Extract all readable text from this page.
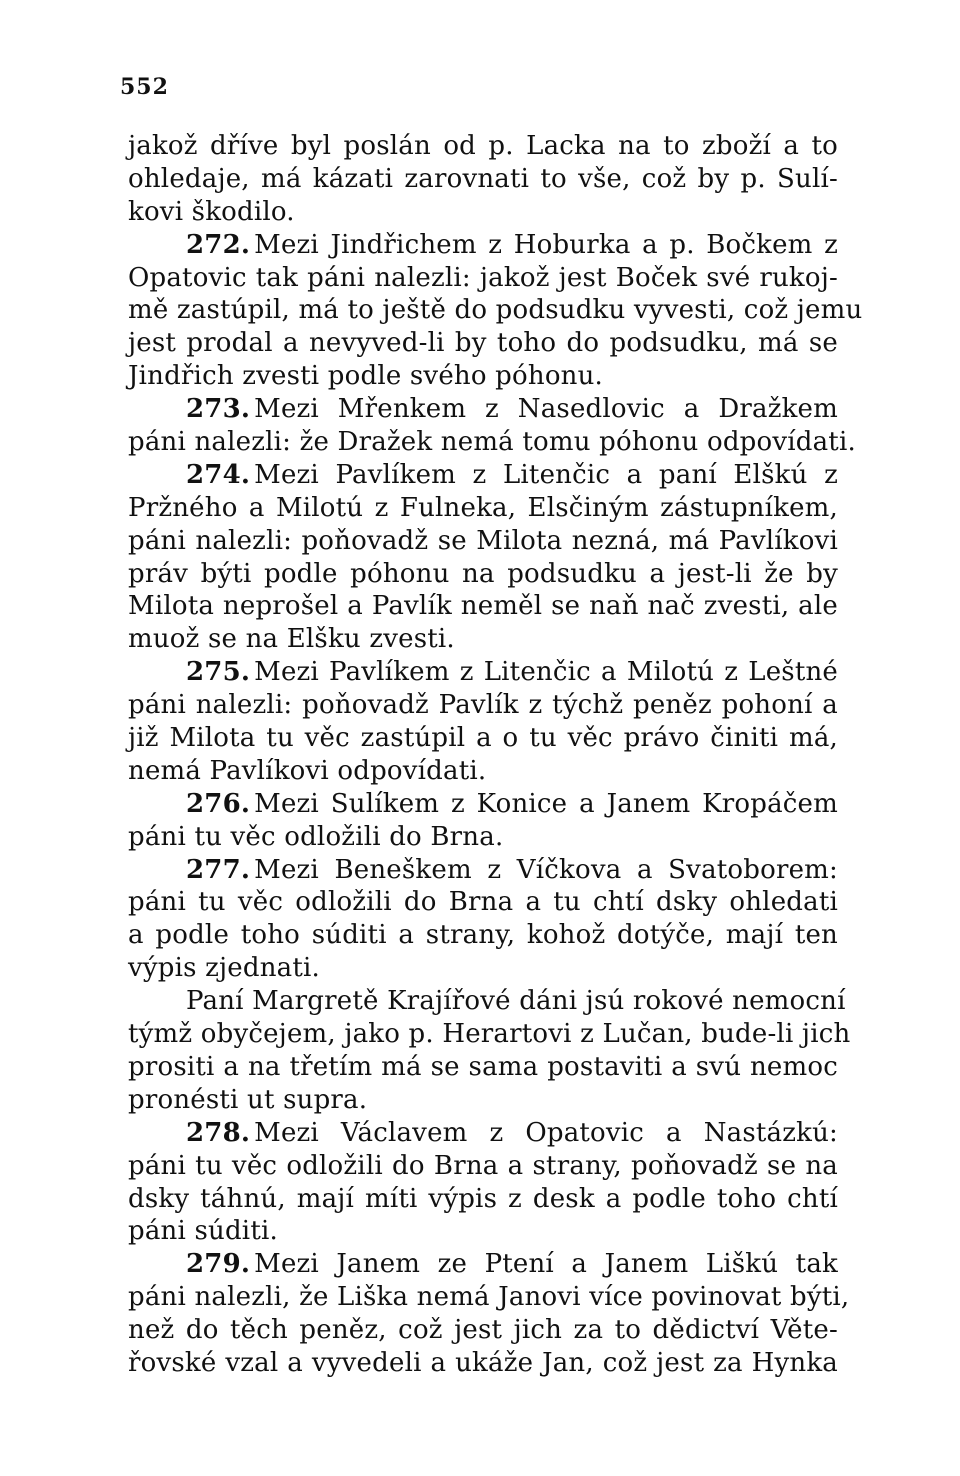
552
jakož dříve byl poslán od p. Lacka na to zboží a to
ohledaje, má kázati zarovnati to vše, což by p. Sulí-
kovi škodilo.
272. Mezi Jindřichem z Hoburka a p. Bočkem z
Opatovic tak páni nalezli: jakož jest Boček své rukoj-
mě zastúpil, má to ještě do podsudku vyvesti, což jemu
jest prodal a nevyved-li by toho do podsudku, má se
Jindřich zvesti podle svého póhonu.
273. Mezi Mřenkem z Nasedlovic a Dražkem
páni nalezli: že Dražek nemá tomu póhonu odpovídati.
274. Mezi Pavlíkem z Litenčic a paní Elškú z
Pržného a Milotú z Fulneka, Elsčiným zástupníkem,
páni nalezli: poňovadž se Milota nezná, má Pavlíkovi
práv býti podle póhonu na podsudku a jest-li že by
Milota neprošel a Pavlík neměl se naň nač zvesti, ale
muož se na Elšku zvesti.
275. Mezi Pavlíkem z Litenčic a Milotú z Leštné
páni nalezli: poňovadž Pavlík z týchž peněz pohoní a
již Milota tu věc zastúpil a o tu věc právo činiti má,
nemá Pavlíkovi odpovídati.
276. Mezi Sulíkem z Konice a Janem Kropáčem
páni tu věc odložili do Brna.
277. Mezi Beneškem z Víčkova a Svatoborem:
páni tu věc odložili do Brna a tu chtí dsky ohledati
a podle toho súditi a strany, kohož dotýče, mají ten
výpis zjednati.
Paní Margretě Krajířové dáni jsú rokové nemocní
týmž obyčejem, jako p. Herartovi z Lučan, bude-li jich
prositi a na třetím má se sama postaviti a svú nemoc
pronésti ut supra.
278. Mezi Václavem z Opatovic a Nastázkú:
páni tu věc odložili do Brna a strany, poňovadž se na
dsky táhnú, mají míti výpis z desk a podle toho chtí
páni súditi.
279. Mezi Janem ze Ptení a Janem Liškú tak
páni nalezli, že Liška nemá Janovi více povinovat býti,
než do těch peněz, což jest jich za to dědictví Věte-
řovské vzal a vyvedeli a ukáže Jan, což jest za Hynka
